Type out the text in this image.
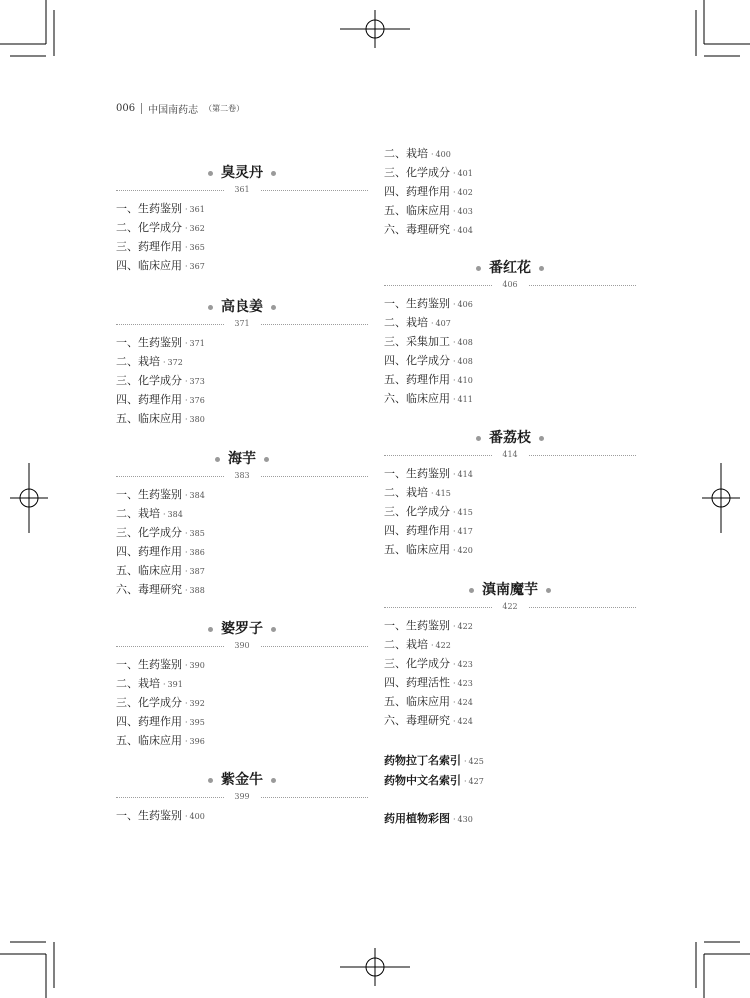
006 中国南药志 （第二卷）
臭灵丹
361
一、生药鉴别 · 361
二、化学成分 · 362
三、药理作用 · 365
四、临床应用 · 367
高良姜
371
一、生药鉴别 · 371
二、栽培 · 372
三、化学成分 · 373
四、药理作用 · 376
五、临床应用 · 380
海芋
383
一、生药鉴别 · 384
二、栽培 · 384
三、化学成分 · 385
四、药理作用 · 386
五、临床应用 · 387
六、毒理研究 · 388
婆罗子
390
一、生药鉴别 · 390
二、栽培 · 391
三、化学成分 · 392
四、药理作用 · 395
五、临床应用 · 396
紫金牛
399
一、生药鉴别 · 400
二、栽培 · 400
三、化学成分 · 401
四、药理作用 · 402
五、临床应用 · 403
六、毒理研究 · 404
番红花
406
一、生药鉴别 · 406
二、栽培 · 407
三、采集加工 · 408
四、化学成分 · 408
五、药理作用 · 410
六、临床应用 · 411
番荔枝
414
一、生药鉴别 · 414
二、栽培 · 415
三、化学成分 · 415
四、药理作用 · 417
五、临床应用 · 420
滇南魔芋
422
一、生药鉴别 · 422
二、栽培 · 422
三、化学成分 · 423
四、药理活性 · 423
五、临床应用 · 424
六、毒理研究 · 424
药物拉丁名索引 · 425
药物中文名索引 · 427
药用植物彩图 · 430
